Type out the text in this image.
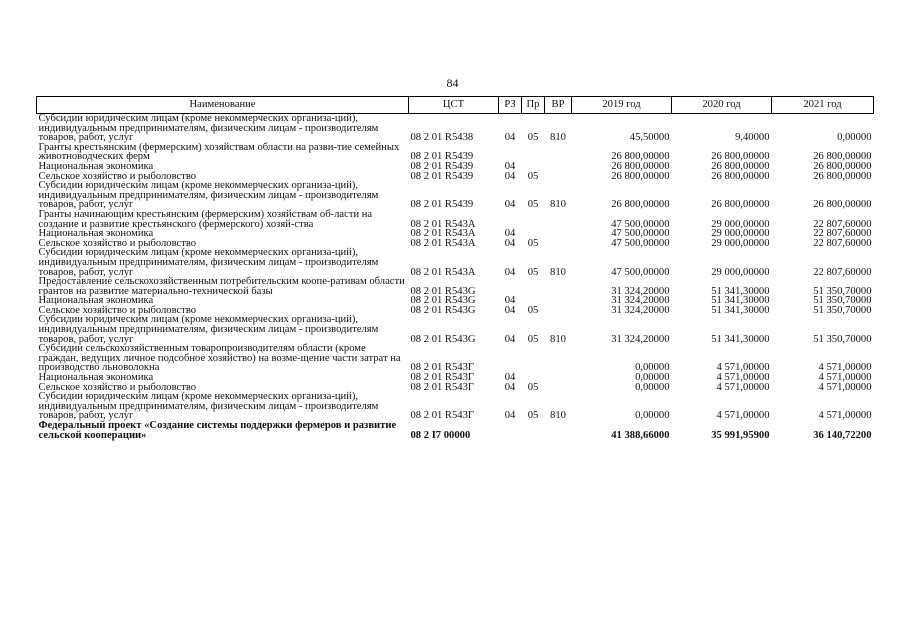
84
Наименование	ЦСТ	РЗ	Пр	ВР	2019 год	2020 год	2021 год
Субсидии юридическим лицам (кроме некоммерческих организа-ций), индивидуальным предпринимателям, физическим лицам - производителям товаров, работ, услуг	08 2 01 R5438	04	05	810	45,50000	9,40000	0,00000
Гранты крестьянским (фермерским) хозяйствам области на разви-тие семейных животноводческих ферм	08 2 01 R5439				26 800,00000	26 800,00000	26 800,00000
Национальная экономика	08 2 01 R5439	04			26 800,00000	26 800,00000	26 800,00000
Сельское хозяйство и рыболовство	08 2 01 R5439	04	05		26 800,00000	26 800,00000	26 800,00000
Субсидии юридическим лицам (кроме некоммерческих организа-ций), индивидуальным предпринимателям, физическим лицам - производителям товаров, работ, услуг	08 2 01 R5439	04	05	810	26 800,00000	26 800,00000	26 800,00000
Гранты начинающим крестьянским (фермерским) хозяйствам об-ласти на создание и развитие крестьянского (фермерского) хозяй-ства	08 2 01 R543A				47 500,00000	29 000,00000	22 807,60000
Национальная экономика	08 2 01 R543A	04			47 500,00000	29 000,00000	22 807,60000
Сельское хозяйство и рыболовство	08 2 01 R543A	04	05		47 500,00000	29 000,00000	22 807,60000
Субсидии юридическим лицам (кроме некоммерческих организа-ций), индивидуальным предпринимателям, физическим лицам - производителям товаров, работ, услуг	08 2 01 R543A	04	05	810	47 500,00000	29 000,00000	22 807,60000
Предоставление сельскохозяйственным потребительским коопе-ративам области грантов на развитие материально-технической базы	08 2 01 R543G				31 324,20000	51 341,30000	51 350,70000
Национальная экономика	08 2 01 R543G	04			31 324,20000	51 341,30000	51 350,70000
Сельское хозяйство и рыболовство	08 2 01 R543G	04	05		31 324,20000	51 341,30000	51 350,70000
Субсидии юридическим лицам (кроме некоммерческих организа-ций), индивидуальным предпринимателям, физическим лицам - производителям товаров, работ, услуг	08 2 01 R543G	04	05	810	31 324,20000	51 341,30000	51 350,70000
Субсидии сельскохозяйственным товаропроизводителям области (кроме граждан, ведущих личное подсобное хозяйство) на возме-щение части затрат на производство льноволокна	08 2 01 R543Г				0,00000	4 571,00000	4 571,00000
Национальная экономика	08 2 01 R543Г	04			0,00000	4 571,00000	4 571,00000
Сельское хозяйство и рыболовство	08 2 01 R543Г	04	05		0,00000	4 571,00000	4 571,00000
Субсидии юридическим лицам (кроме некоммерческих организа-ций), индивидуальным предпринимателям, физическим лицам - производителям товаров, работ, услуг	08 2 01 R543Г	04	05	810	0,00000	4 571,00000	4 571,00000
Федеральный проект «Создание системы поддержки фермеров и развитие сельской кооперации»	08 2 I7 00000				41 388,66000	35 991,95900	36 140,72200
